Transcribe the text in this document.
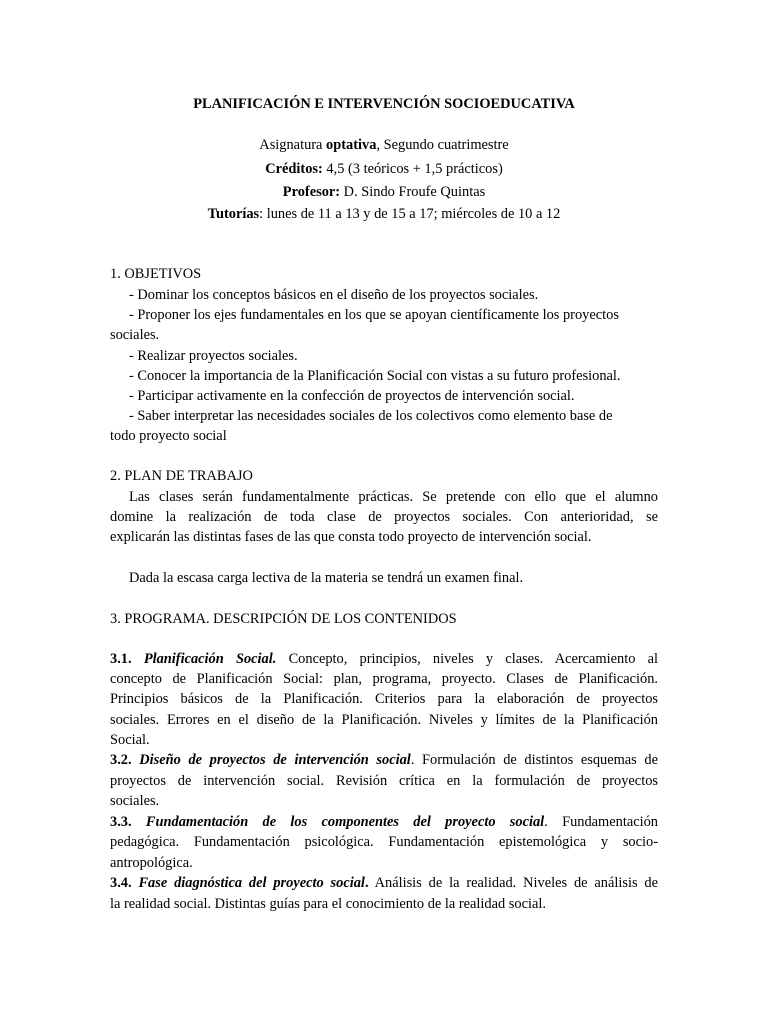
PLANIFICACIÓN E INTERVENCIÓN SOCIOEDUCATIVA
Asignatura optativa, Segundo cuatrimestre
Créditos: 4,5 (3 teóricos + 1,5 prácticos)
Profesor: D. Sindo Froufe Quintas
Tutorías: lunes de 11 a 13 y de 15 a 17; miércoles de 10 a 12
1. OBJETIVOS
- Dominar los conceptos básicos en el diseño de los proyectos sociales.
- Proponer los ejes fundamentales en los que se apoyan científicamente los proyectos
sociales.
- Realizar proyectos sociales.
- Conocer la importancia de la Planificación Social con vistas a su futuro profesional.
- Participar activamente en la confección de proyectos de intervención social.
- Saber interpretar las necesidades sociales de los colectivos como elemento base de
todo proyecto social
2. PLAN DE TRABAJO
Las clases serán fundamentalmente prácticas. Se pretende con ello que el alumno
domine la realización de toda clase de proyectos sociales. Con anterioridad, se
explicarán las distintas fases de las que consta todo proyecto de intervención social.
Dada la escasa carga lectiva de la materia se tendrá un examen final.
3. PROGRAMA. DESCRIPCIÓN DE LOS CONTENIDOS
3.1. Planificación Social. Concepto, principios, niveles y clases. Acercamiento al
concepto de Planificación Social: plan, programa, proyecto. Clases de Planificación.
Principios básicos de la Planificación. Criterios para la elaboración de proyectos
sociales. Errores en el diseño de la Planificación. Niveles y límites de la Planificación
Social.
3.2. Diseño de proyectos de intervención social. Formulación de distintos esquemas de
proyectos de intervención social. Revisión crítica en la formulación de proyectos
sociales.
3.3. Fundamentación de los componentes del proyecto social. Fundamentación
pedagógica. Fundamentación psicológica. Fundamentación epistemológica y socio-
antropológica.
3.4. Fase diagnóstica del proyecto social. Análisis de la realidad. Niveles de análisis de
la realidad social. Distintas guías para el conocimiento de la realidad social.
